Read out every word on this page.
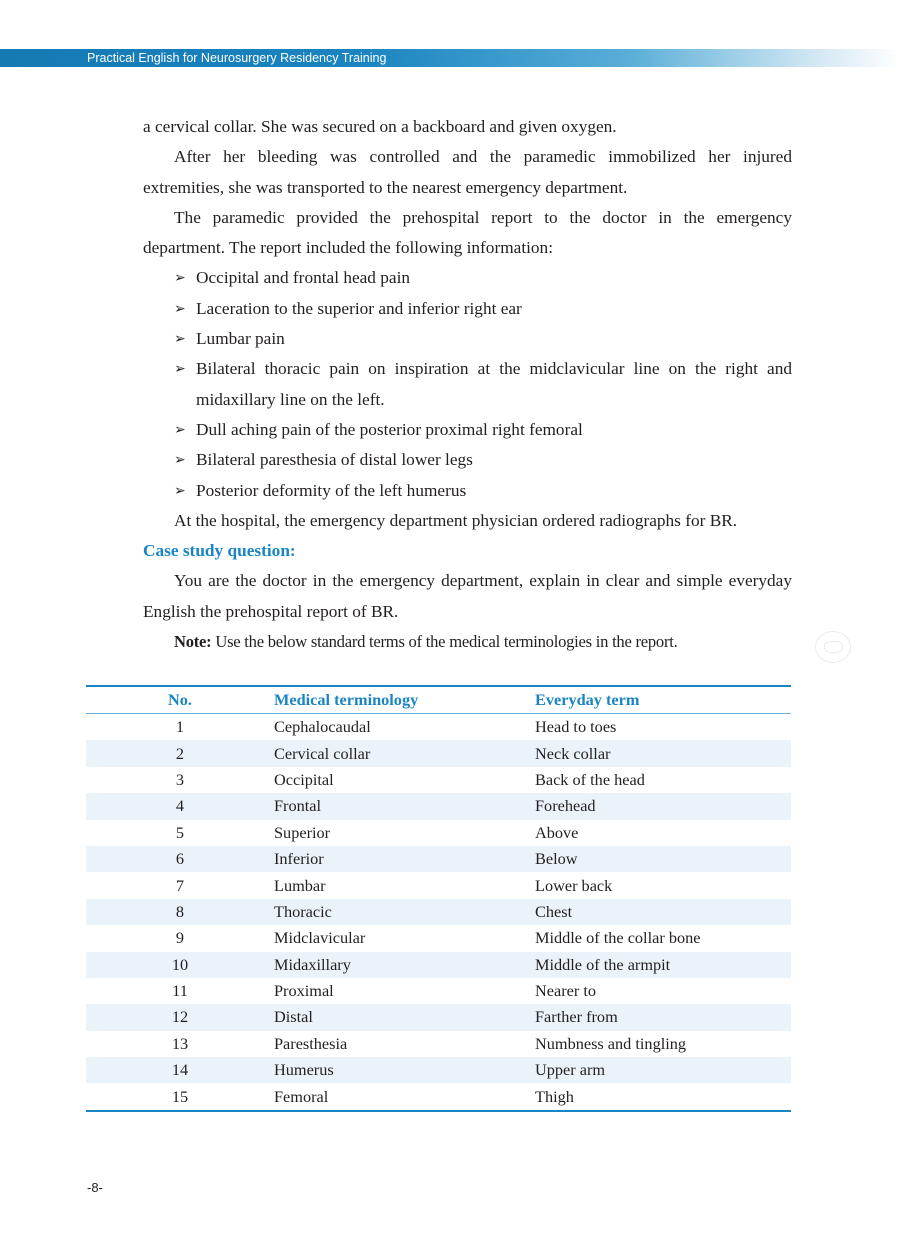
Practical English for Neurosurgery Residency Training

a cervical collar. She was secured on a backboard and given oxygen.

After her bleeding was controlled and the paramedic immobilized her injured extremities, she was transported to the nearest emergency department.

The paramedic provided the prehospital report to the doctor in the emergency department. The report included the following information:

➢ Occipital and frontal head pain
➢ Laceration to the superior and inferior right ear
➢ Lumbar pain
➢ Bilateral thoracic pain on inspiration at the midclavicular line on the right and midaxillary line on the left.
➢ Dull aching pain of the posterior proximal right femoral
➢ Bilateral paresthesia of distal lower legs
➢ Posterior deformity of the left humerus

At the hospital, the emergency department physician ordered radiographs for BR.

Case study question:

You are the doctor in the emergency department, explain in clear and simple everyday English the prehospital report of BR.

Note: Use the below standard terms of the medical terminologies in the report.

No.	Medical terminology	Everyday term
1	Cephalocaudal	Head to toes
2	Cervical collar	Neck collar
3	Occipital	Back of the head
4	Frontal	Forehead
5	Superior	Above
6	Inferior	Below
7	Lumbar	Lower back
8	Thoracic	Chest
9	Midclavicular	Middle of the collar bone
10	Midaxillary	Middle of the armpit
11	Proximal	Nearer to
12	Distal	Farther from
13	Paresthesia	Numbness and tingling
14	Humerus	Upper arm
15	Femoral	Thigh
-8-
